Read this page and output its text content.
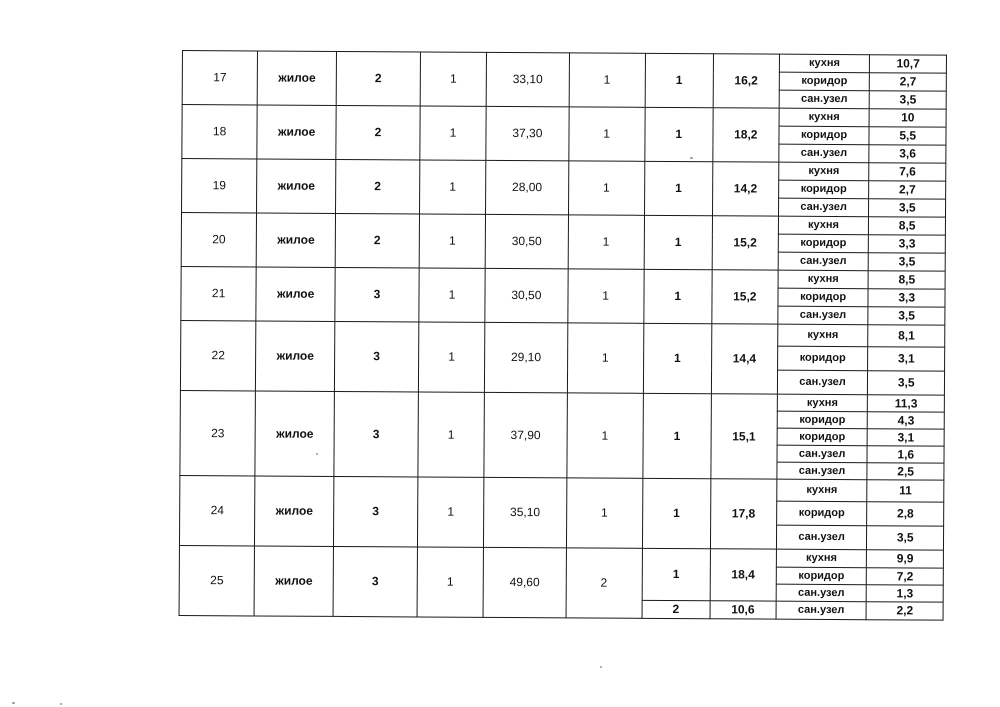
17	жилое	2	1	33,10	1	1	16,2	кухня	10,7
								коридор	2,7
								сан.узел	3,5
18	жилое	2	1	37,30	1	1	18,2	кухня	10
								коридор	5,5
								сан.узел	3,6
19	жилое	2	1	28,00	1	1	14,2	кухня	7,6
								коридор	2,7
								сан.узел	3,5
20	жилое	2	1	30,50	1	1	15,2	кухня	8,5
								коридор	3,3
								сан.узел	3,5
21	жилое	3	1	30,50	1	1	15,2	кухня	8,5
								коридор	3,3
								сан.узел	3,5
22	жилое	3	1	29,10	1	1	14,4	кухня	8,1
								коридор	3,1
								сан.узел	3,5
23	жилое	3	1	37,90	1	1	15,1	кухня	11,3
								коридор	4,3
								коридор	3,1
								сан.узел	1,6
								сан.узел	2,5
24	жилое	3	1	35,10	1	1	17,8	кухня	11
								коридор	2,8
								сан.узел	3,5
25	жилое	3	1	49,60	2	1	18,4	кухня	9,9
								коридор	7,2
								сан.узел	1,3
						2	10,6	сан.узел	2,2
